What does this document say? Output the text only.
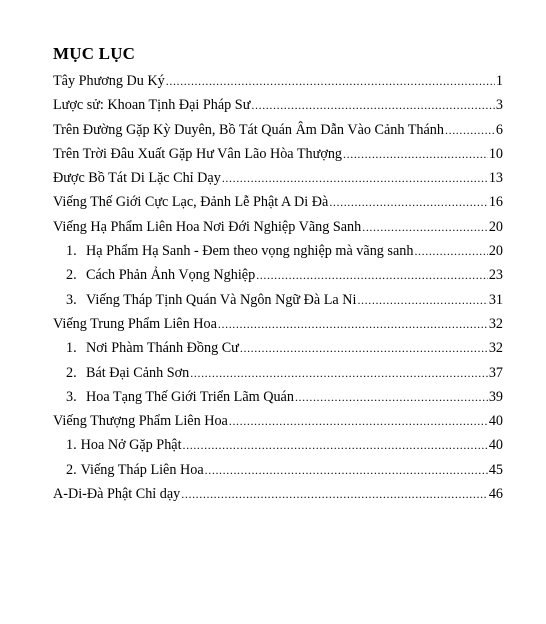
MỤC LỤC
Tây Phương Du Ký .....	1
Lược sử: Khoan Tịnh Đại Pháp Sư .....	3
Trên Đường Gặp Kỳ Duyên, Bồ Tát Quán Âm Dẫn Vào Cảnh Thánh .....	6
Trên Trời Đâu Xuất Gặp Hư Vân Lão Hòa Thượng .....	10
Được Bồ Tát Di Lặc Chỉ Dạy .....	13
Viếng Thế Giới Cực Lạc, Đảnh Lễ Phật A Di Đà .....	16
Viếng Hạ Phẩm Liên Hoa Nơi Đới Nghiệp Vãng Sanh .....	20
1. Hạ Phẩm Hạ Sanh - Đem theo vọng nghiệp mà vãng sanh .....	20
2. Cách Phản Ảnh Vọng Nghiệp .....	23
3. Viếng Tháp Tịnh Quán Và Ngôn Ngữ Đà La Ni .....	31
Viếng Trung Phẩm Liên Hoa .....	32
1. Nơi Phàm Thánh Đồng Cư .....	32
2. Bát Đại Cảnh Sơn .....	37
3. Hoa Tạng Thế Giới Triển Lãm Quán .....	39
Viếng Thượng Phẩm Liên Hoa .....	40
1. Hoa Nở Gặp Phật .....	40
2. Viếng Tháp Liên Hoa .....	45
A-Di-Đà Phật Chỉ dạy .....	46
